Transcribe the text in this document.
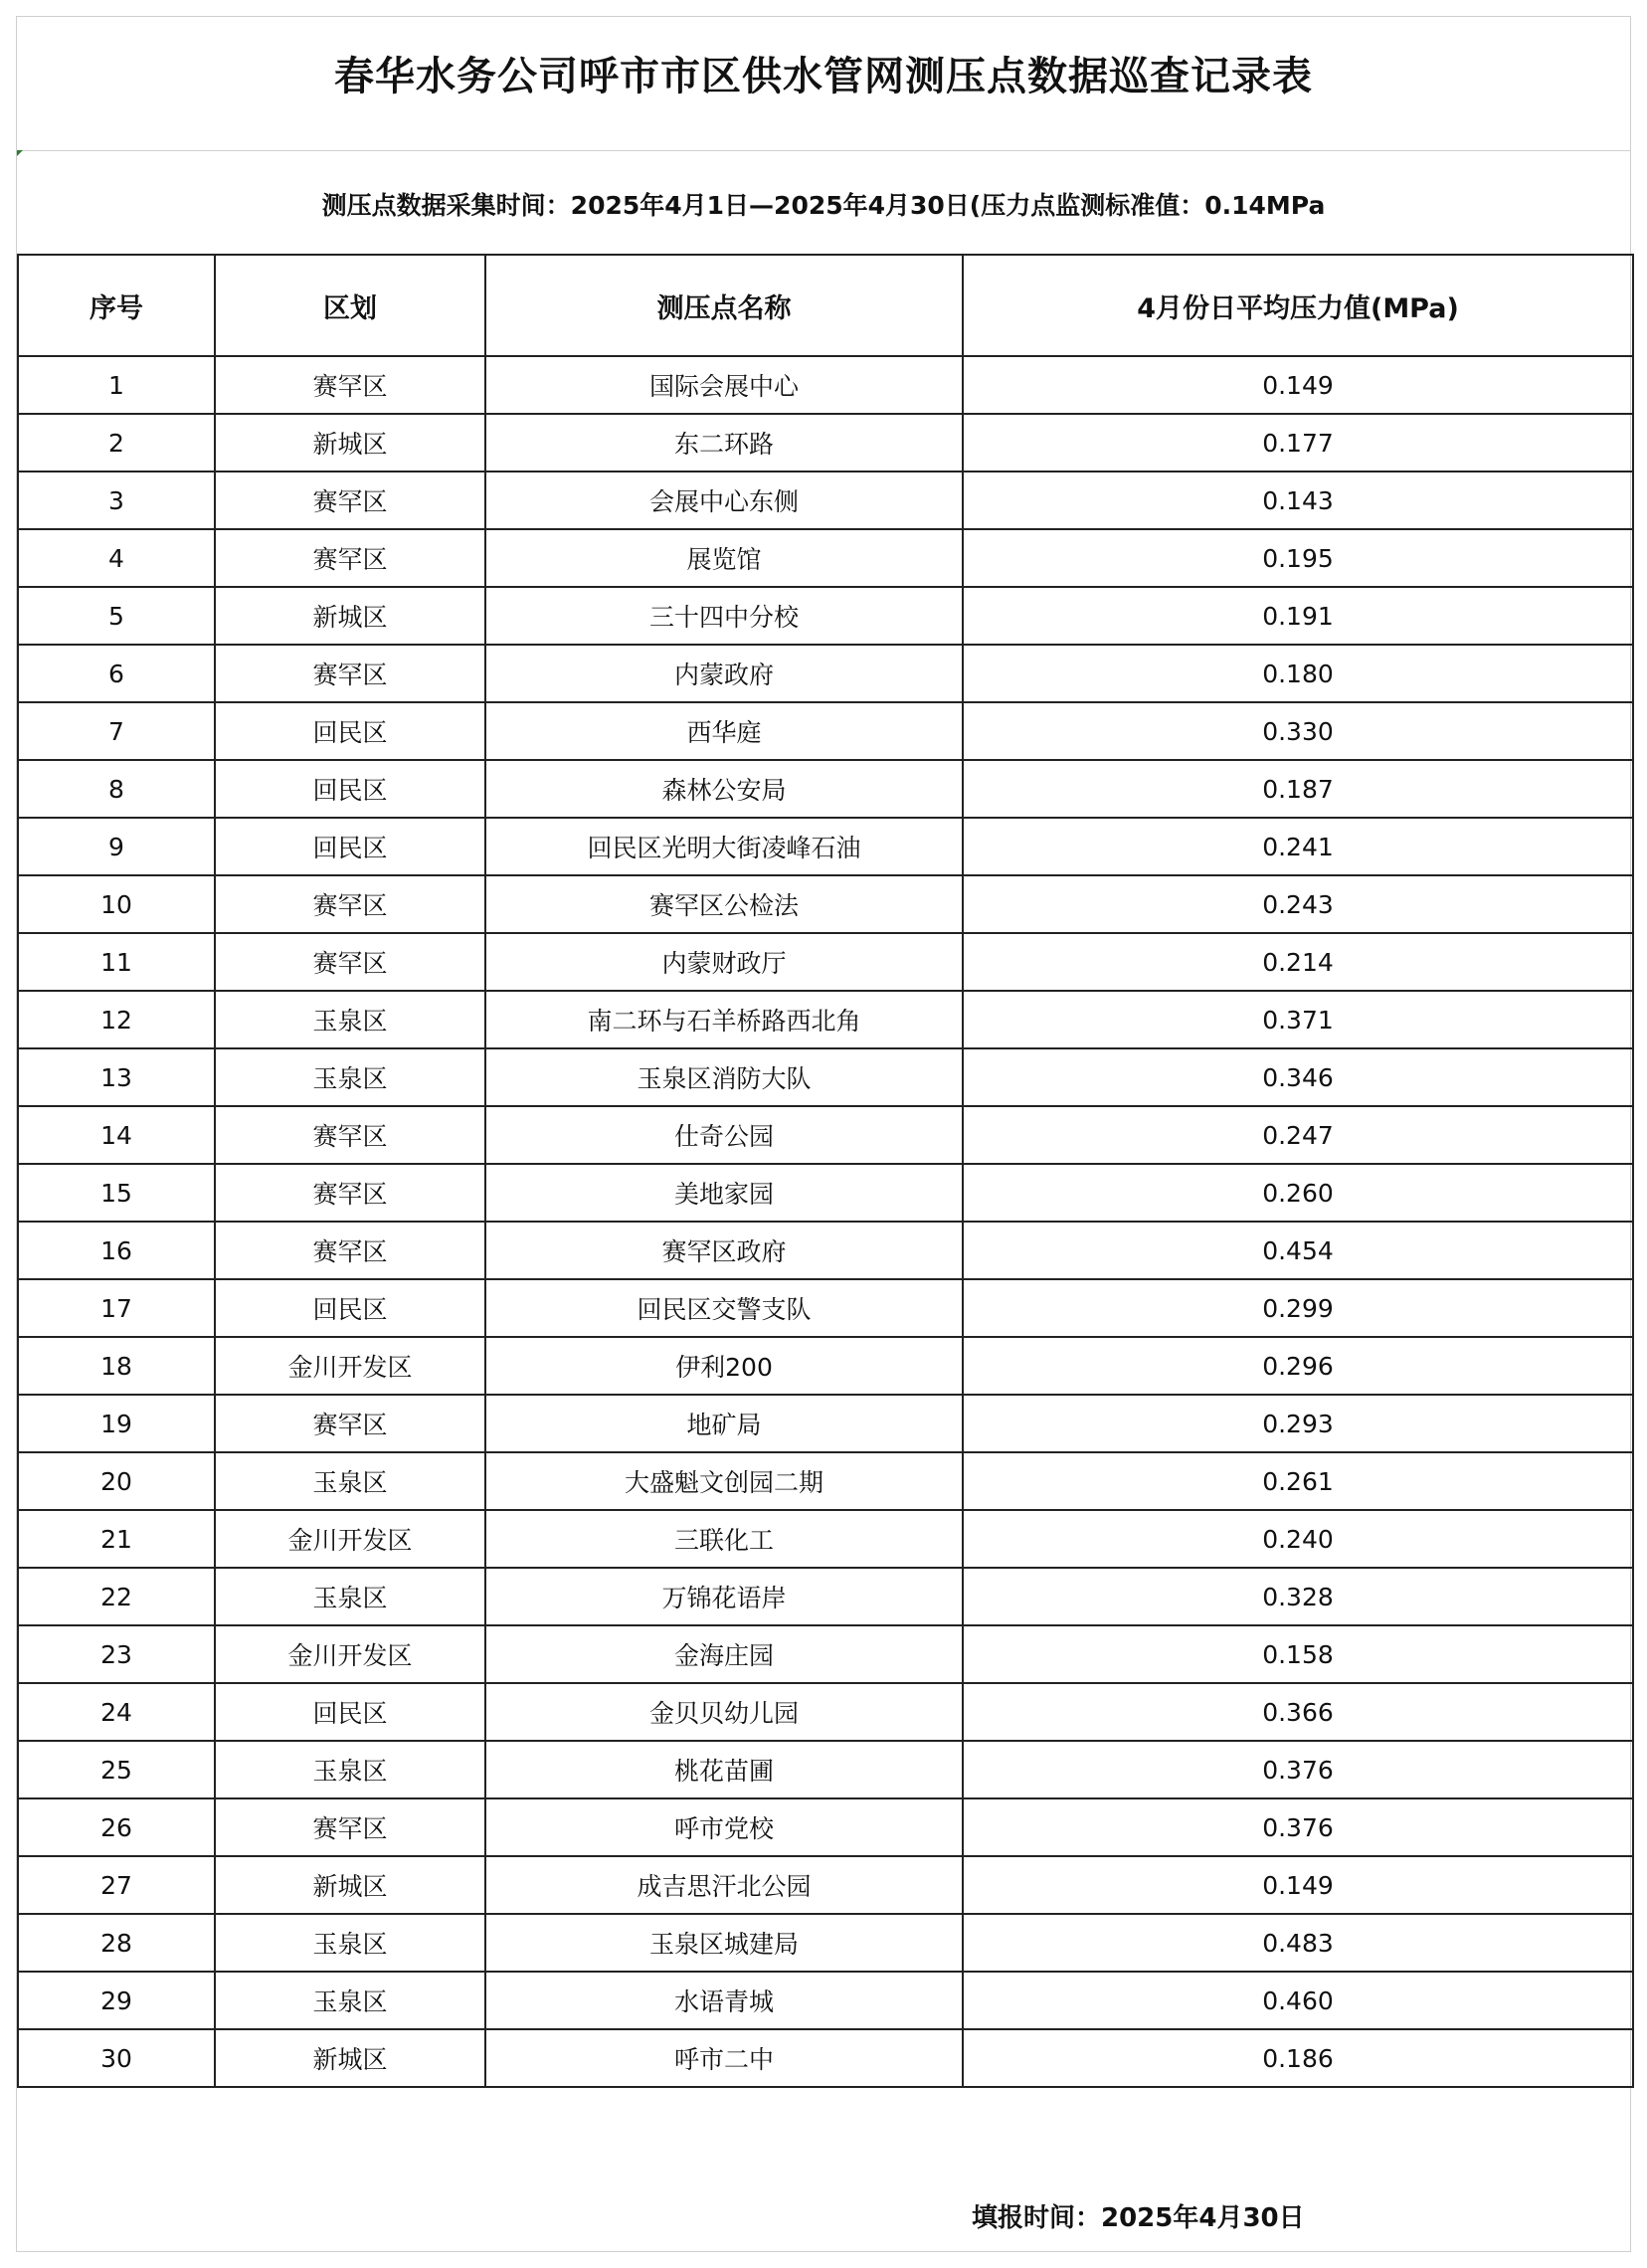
春华水务公司呼市市区供水管网测压点数据巡查记录表
测压点数据采集时间：2025年4月1日—2025年4月30日(压力点监测标准值：0.14MPa
序号	区划	测压点名称	4月份日平均压力值(MPa)
1	赛罕区	国际会展中心	0.149
2	新城区	东二环路	0.177
3	赛罕区	会展中心东侧	0.143
4	赛罕区	展览馆	0.195
5	新城区	三十四中分校	0.191
6	赛罕区	内蒙政府	0.180
7	回民区	西华庭	0.330
8	回民区	森林公安局	0.187
9	回民区	回民区光明大街凌峰石油	0.241
10	赛罕区	赛罕区公检法	0.243
11	赛罕区	内蒙财政厅	0.214
12	玉泉区	南二环与石羊桥路西北角	0.371
13	玉泉区	玉泉区消防大队	0.346
14	赛罕区	仕奇公园	0.247
15	赛罕区	美地家园	0.260
16	赛罕区	赛罕区政府	0.454
17	回民区	回民区交警支队	0.299
18	金川开发区	伊利200	0.296
19	赛罕区	地矿局	0.293
20	玉泉区	大盛魁文创园二期	0.261
21	金川开发区	三联化工	0.240
22	玉泉区	万锦花语岸	0.328
23	金川开发区	金海庄园	0.158
24	回民区	金贝贝幼儿园	0.366
25	玉泉区	桃花苗圃	0.376
26	赛罕区	呼市党校	0.376
27	新城区	成吉思汗北公园	0.149
28	玉泉区	玉泉区城建局	0.483
29	玉泉区	水语青城	0.460
30	新城区	呼市二中	0.186
填报时间：2025年4月30日
